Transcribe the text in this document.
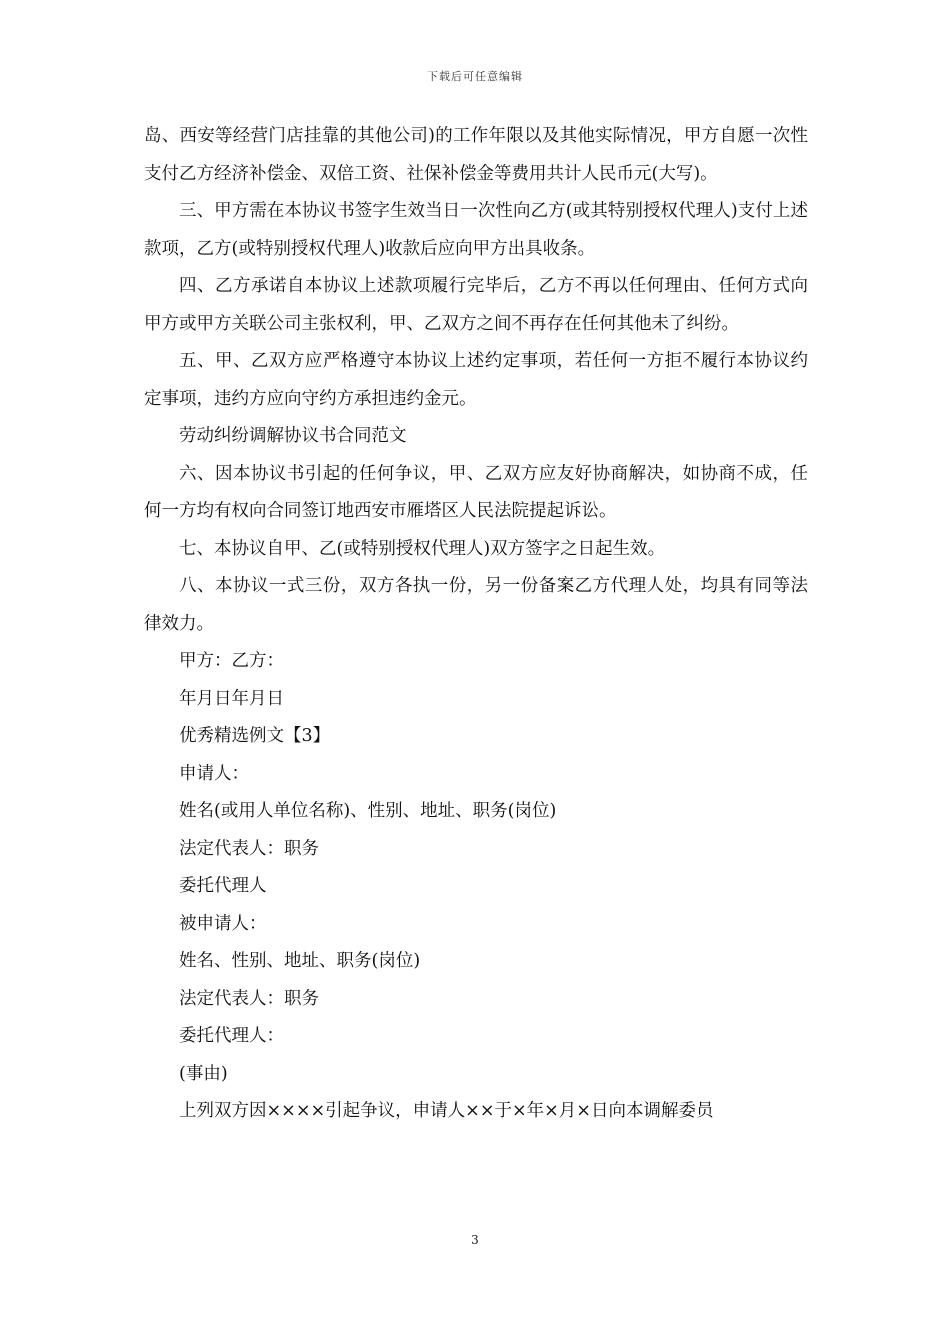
下载后可任意编辑

岛、西安等经营门店挂靠的其他公司)的工作年限以及其他实际情况，甲方自愿一次性支付乙方经济补偿金、双倍工资、社保补偿金等费用共计人民币元(大写)。

三、甲方需在本协议书签字生效当日一次性向乙方(或其特别授权代理人)支付上述款项，乙方(或特别授权代理人)收款后应向甲方出具收条。

四、乙方承诺自本协议上述款项履行完毕后，乙方不再以任何理由、任何方式向甲方或甲方关联公司主张权利，甲、乙双方之间不再存在任何其他未了纠纷。

五、甲、乙双方应严格遵守本协议上述约定事项，若任何一方拒不履行本协议约定事项，违约方应向守约方承担违约金元。

劳动纠纷调解协议书合同范文

六、因本协议书引起的任何争议，甲、乙双方应友好协商解决，如协商不成，任何一方均有权向合同签订地西安市雁塔区人民法院提起诉讼。

七、本协议自甲、乙(或特别授权代理人)双方签字之日起生效。

八、本协议一式三份，双方各执一份，另一份备案乙方代理人处，均具有同等法律效力。

甲方：乙方：

年月日年月日

优秀精选例文【3】

申请人：

姓名(或用人单位名称)、性别、地址、职务(岗位)

法定代表人：职务

委托代理人

被申请人：

姓名、性别、地址、职务(岗位)

法定代表人：职务

委托代理人：

(事由)

上列双方因××××引起争议，申请人××于×年×月×日向本调解委员

3
